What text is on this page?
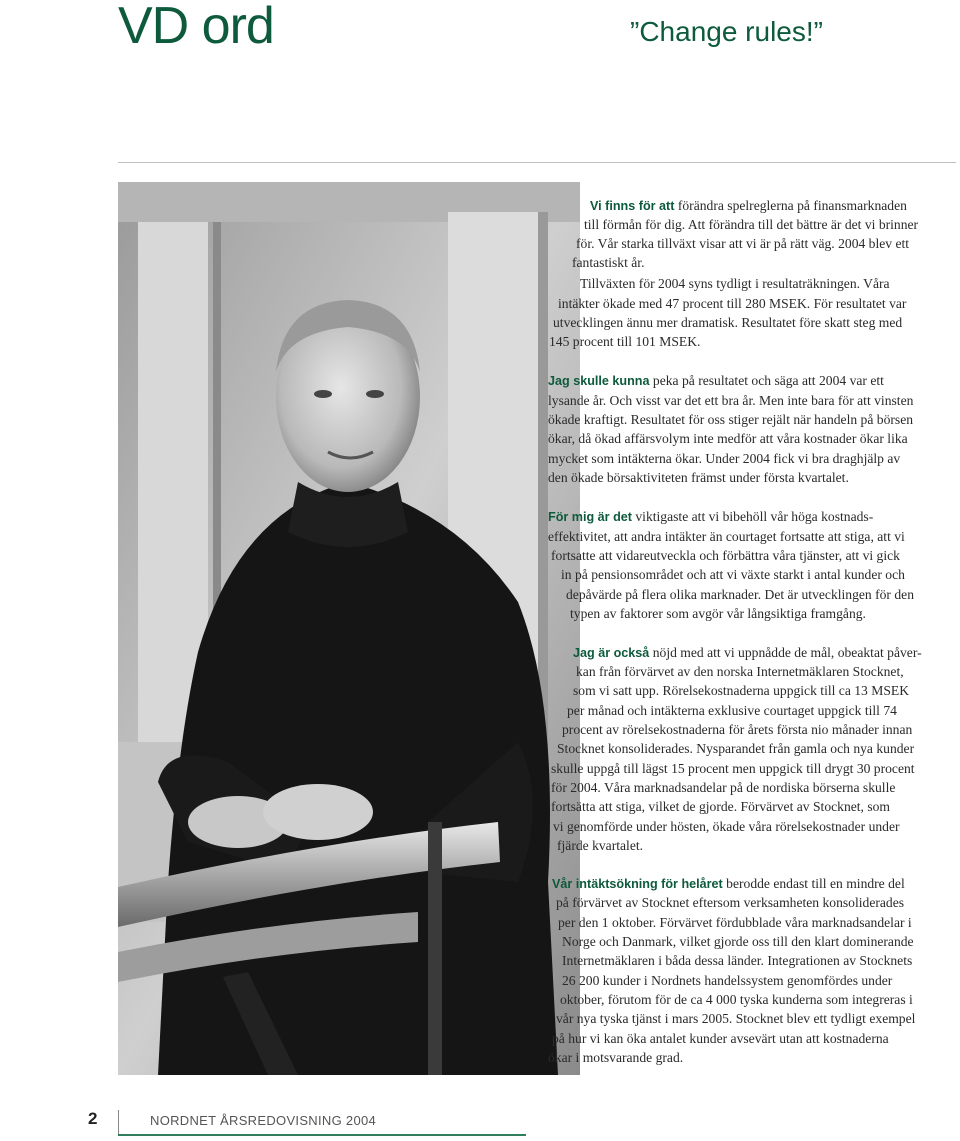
VD ord	”Change rules!”
Vi finns för att förändra spelreglerna på finansmarknaden
till förmån för dig. Att förändra till det bättre är det vi brinner
för. Vår starka tillväxt visar att vi är på rätt väg. 2004 blev ett
fantastiskt år.
Tillväxten för 2004 syns tydligt i resultaträkningen. Våra
intäkter ökade med 47 procent till 280 MSEK. För resultatet var
utvecklingen ännu mer dramatisk. Resultatet före skatt steg med
145 procent till 101 MSEK.
Jag skulle kunna peka på resultatet och säga att 2004 var ett
lysande år. Och visst var det ett bra år. Men inte bara för att vinsten
ökade kraftigt. Resultatet för oss stiger rejält när handeln på börsen
ökar, då ökad affärsvolym inte medför att våra kostnader ökar lika
mycket som intäkterna ökar. Under 2004 fick vi bra draghjälp av
den ökade börsaktiviteten främst under första kvartalet.
För mig är det viktigaste att vi bibehöll vår höga kostnads-
effektivitet, att andra intäkter än courtaget fortsatte att stiga, att vi
fortsatte att vidareutveckla och förbättra våra tjänster, att vi gick
in på pensionsområdet och att vi växte starkt i antal kunder och
depåvärde på flera olika marknader. Det är utvecklingen för den
typen av faktorer som avgör vår långsiktiga framgång.
Jag är också nöjd med att vi uppnådde de mål, obeaktat påver-
kan från förvärvet av den norska Internetmäklaren Stocknet,
som vi satt upp. Rörelsekostnaderna uppgick till ca 13 MSEK
per månad och intäkterna exklusive courtaget uppgick till 74
procent av rörelsekostnaderna för årets första nio månader innan
Stocknet konsoliderades. Nysparandet från gamla och nya kunder
skulle uppgå till lägst 15 procent men uppgick till drygt 30 procent
för 2004. Våra marknadsandelar på de nordiska börserna skulle
fortsätta att stiga, vilket de gjorde. Förvärvet av Stocknet, som
vi genomförde under hösten, ökade våra rörelsekostnader under
fjärde kvartalet.
Vår intäktsökning för helåret berodde endast till en mindre del
på förvärvet av Stocknet eftersom verksamheten konsoliderades
per den 1 oktober. Förvärvet fördubblade våra marknadsandelar i
Norge och Danmark, vilket gjorde oss till den klart dominerande
Internetmäklaren i båda dessa länder. Integrationen av Stocknets
26 200 kunder i Nordnets handelssystem genomfördes under
oktober, förutom för de ca 4 000 tyska kunderna som integreras i
vår nya tyska tjänst i mars 2005. Stocknet blev ett tydligt exempel
på hur vi kan öka antalet kunder avsevärt utan att kostnaderna
ökar i motsvarande grad.
2	NORDNET ÅRSREDOVISNING 2004
